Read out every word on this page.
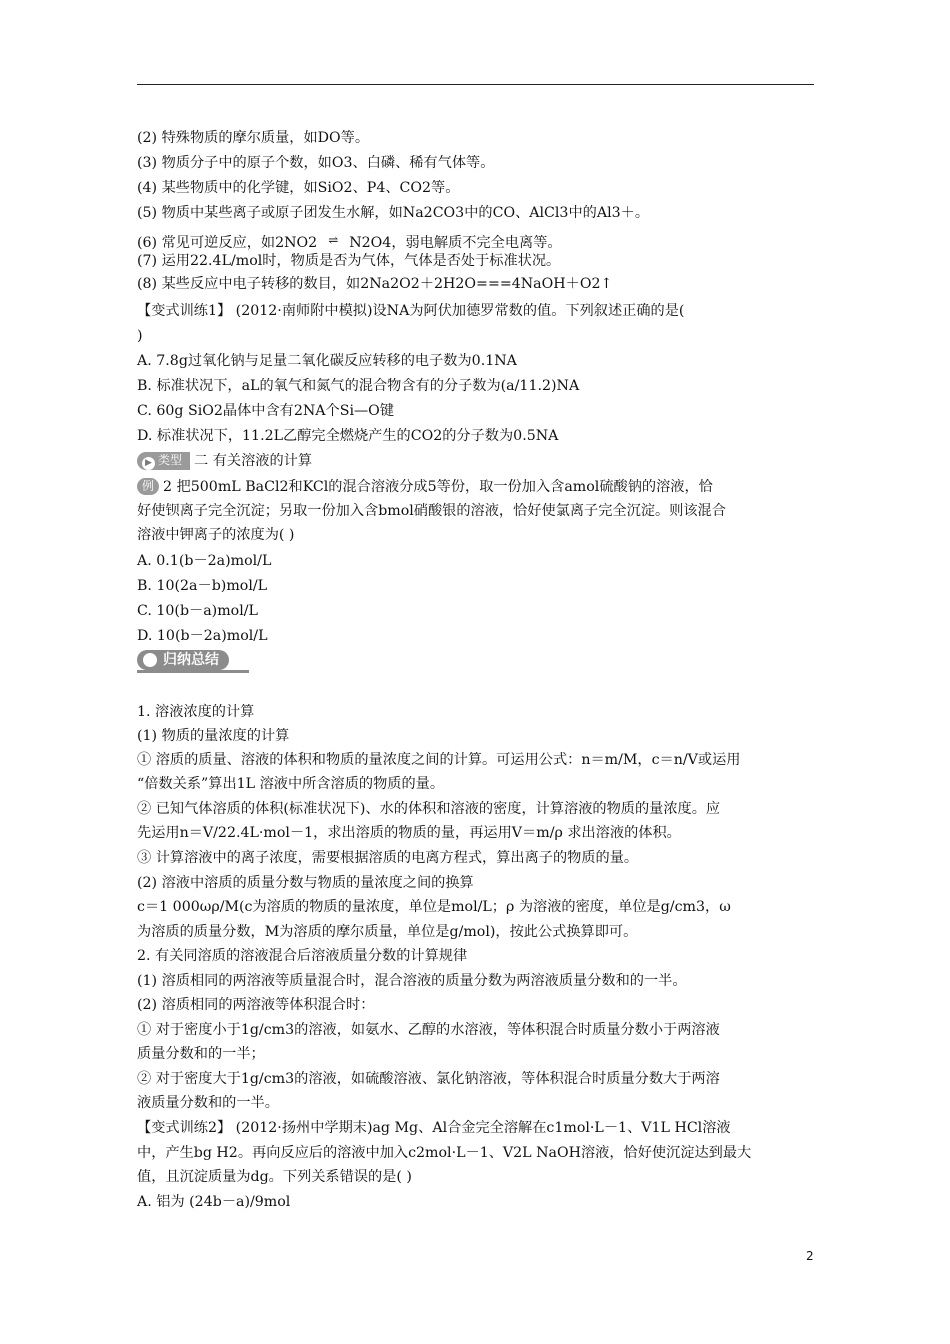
(2) 特殊物质的摩尔质量，如DO等。
(3) 物质分子中的原子个数，如O3、白磷、稀有气体等。
(4) 某些物质中的化学键，如SiO2、P4、CO2等。
(5) 物质中某些离子或原子团发生水解，如Na2CO3中的CO、AlCl3中的Al3＋。
(6) 常见可逆反应，如2NO2 ⇌ N2O4，弱电解质不完全电离等。
(7) 运用22.4L/mol时，物质是否为气体，气体是否处于标准状况。
(8) 某些反应中电子转移的数目，如2Na2O2＋2H2O===4NaOH＋O2↑
【变式训练1】 (2012·南师附中模拟)设NA为阿伏加德罗常数的值。下列叙述正确的是(
)
A. 7.8g过氧化钠与足量二氧化碳反应转移的电子数为0.1NA
B. 标准状况下，aL的氧气和氮气的混合物含有的分子数为(a/11.2)NA
C. 60g SiO2晶体中含有2NA个Si—O键
D. 标准状况下，11.2L乙醇完全燃烧产生的CO2的分子数为0.5NA
▶ 类型 二 有关溶液的计算
例 2 把500mL BaCl2和KCl的混合溶液分成5等份，取一份加入含amol硫酸钠的溶液，恰
好使钡离子完全沉淀；另取一份加入含bmol硝酸银的溶液，恰好使氯离子完全沉淀。则该混合
溶液中钾离子的浓度为( )
A. 0.1(b－2a)mol/L
B. 10(2a－b)mol/L
C. 10(b－a)mol/L
D. 10(b－2a)mol/L
归纳总结
1. 溶液浓度的计算
(1) 物质的量浓度的计算
① 溶质的质量、溶液的体积和物质的量浓度之间的计算。可运用公式：n＝m/M，c＝n/V或运用
“倍数关系”算出1L 溶液中所含溶质的物质的量。
② 已知气体溶质的体积(标准状况下)、水的体积和溶液的密度，计算溶液的物质的量浓度。应
先运用n＝V/22.4L·mol－1，求出溶质的物质的量，再运用V＝m/ρ 求出溶液的体积。
③ 计算溶液中的离子浓度，需要根据溶质的电离方程式，算出离子的物质的量。
(2) 溶液中溶质的质量分数与物质的量浓度之间的换算
c＝1 000ωρ/M(c为溶质的物质的量浓度，单位是mol/L；ρ 为溶液的密度，单位是g/cm3，ω
为溶质的质量分数，M为溶质的摩尔质量，单位是g/mol)，按此公式换算即可。
2. 有关同溶质的溶液混合后溶液质量分数的计算规律
(1) 溶质相同的两溶液等质量混合时，混合溶液的质量分数为两溶液质量分数和的一半。
(2) 溶质相同的两溶液等体积混合时：
① 对于密度小于1g/cm3的溶液，如氨水、乙醇的水溶液，等体积混合时质量分数小于两溶液
质量分数和的一半；
② 对于密度大于1g/cm3的溶液，如硫酸溶液、氯化钠溶液，等体积混合时质量分数大于两溶
液质量分数和的一半。
【变式训练2】 (2012·扬州中学期末)ag Mg、Al合金完全溶解在c1mol·L－1、V1L HCl溶液
中，产生bg H2。再向反应后的溶液中加入c2mol·L－1、V2L NaOH溶液，恰好使沉淀达到最大
值，且沉淀质量为dg。下列关系错误的是( )
A. 铝为 (24b－a)/9mol
2
